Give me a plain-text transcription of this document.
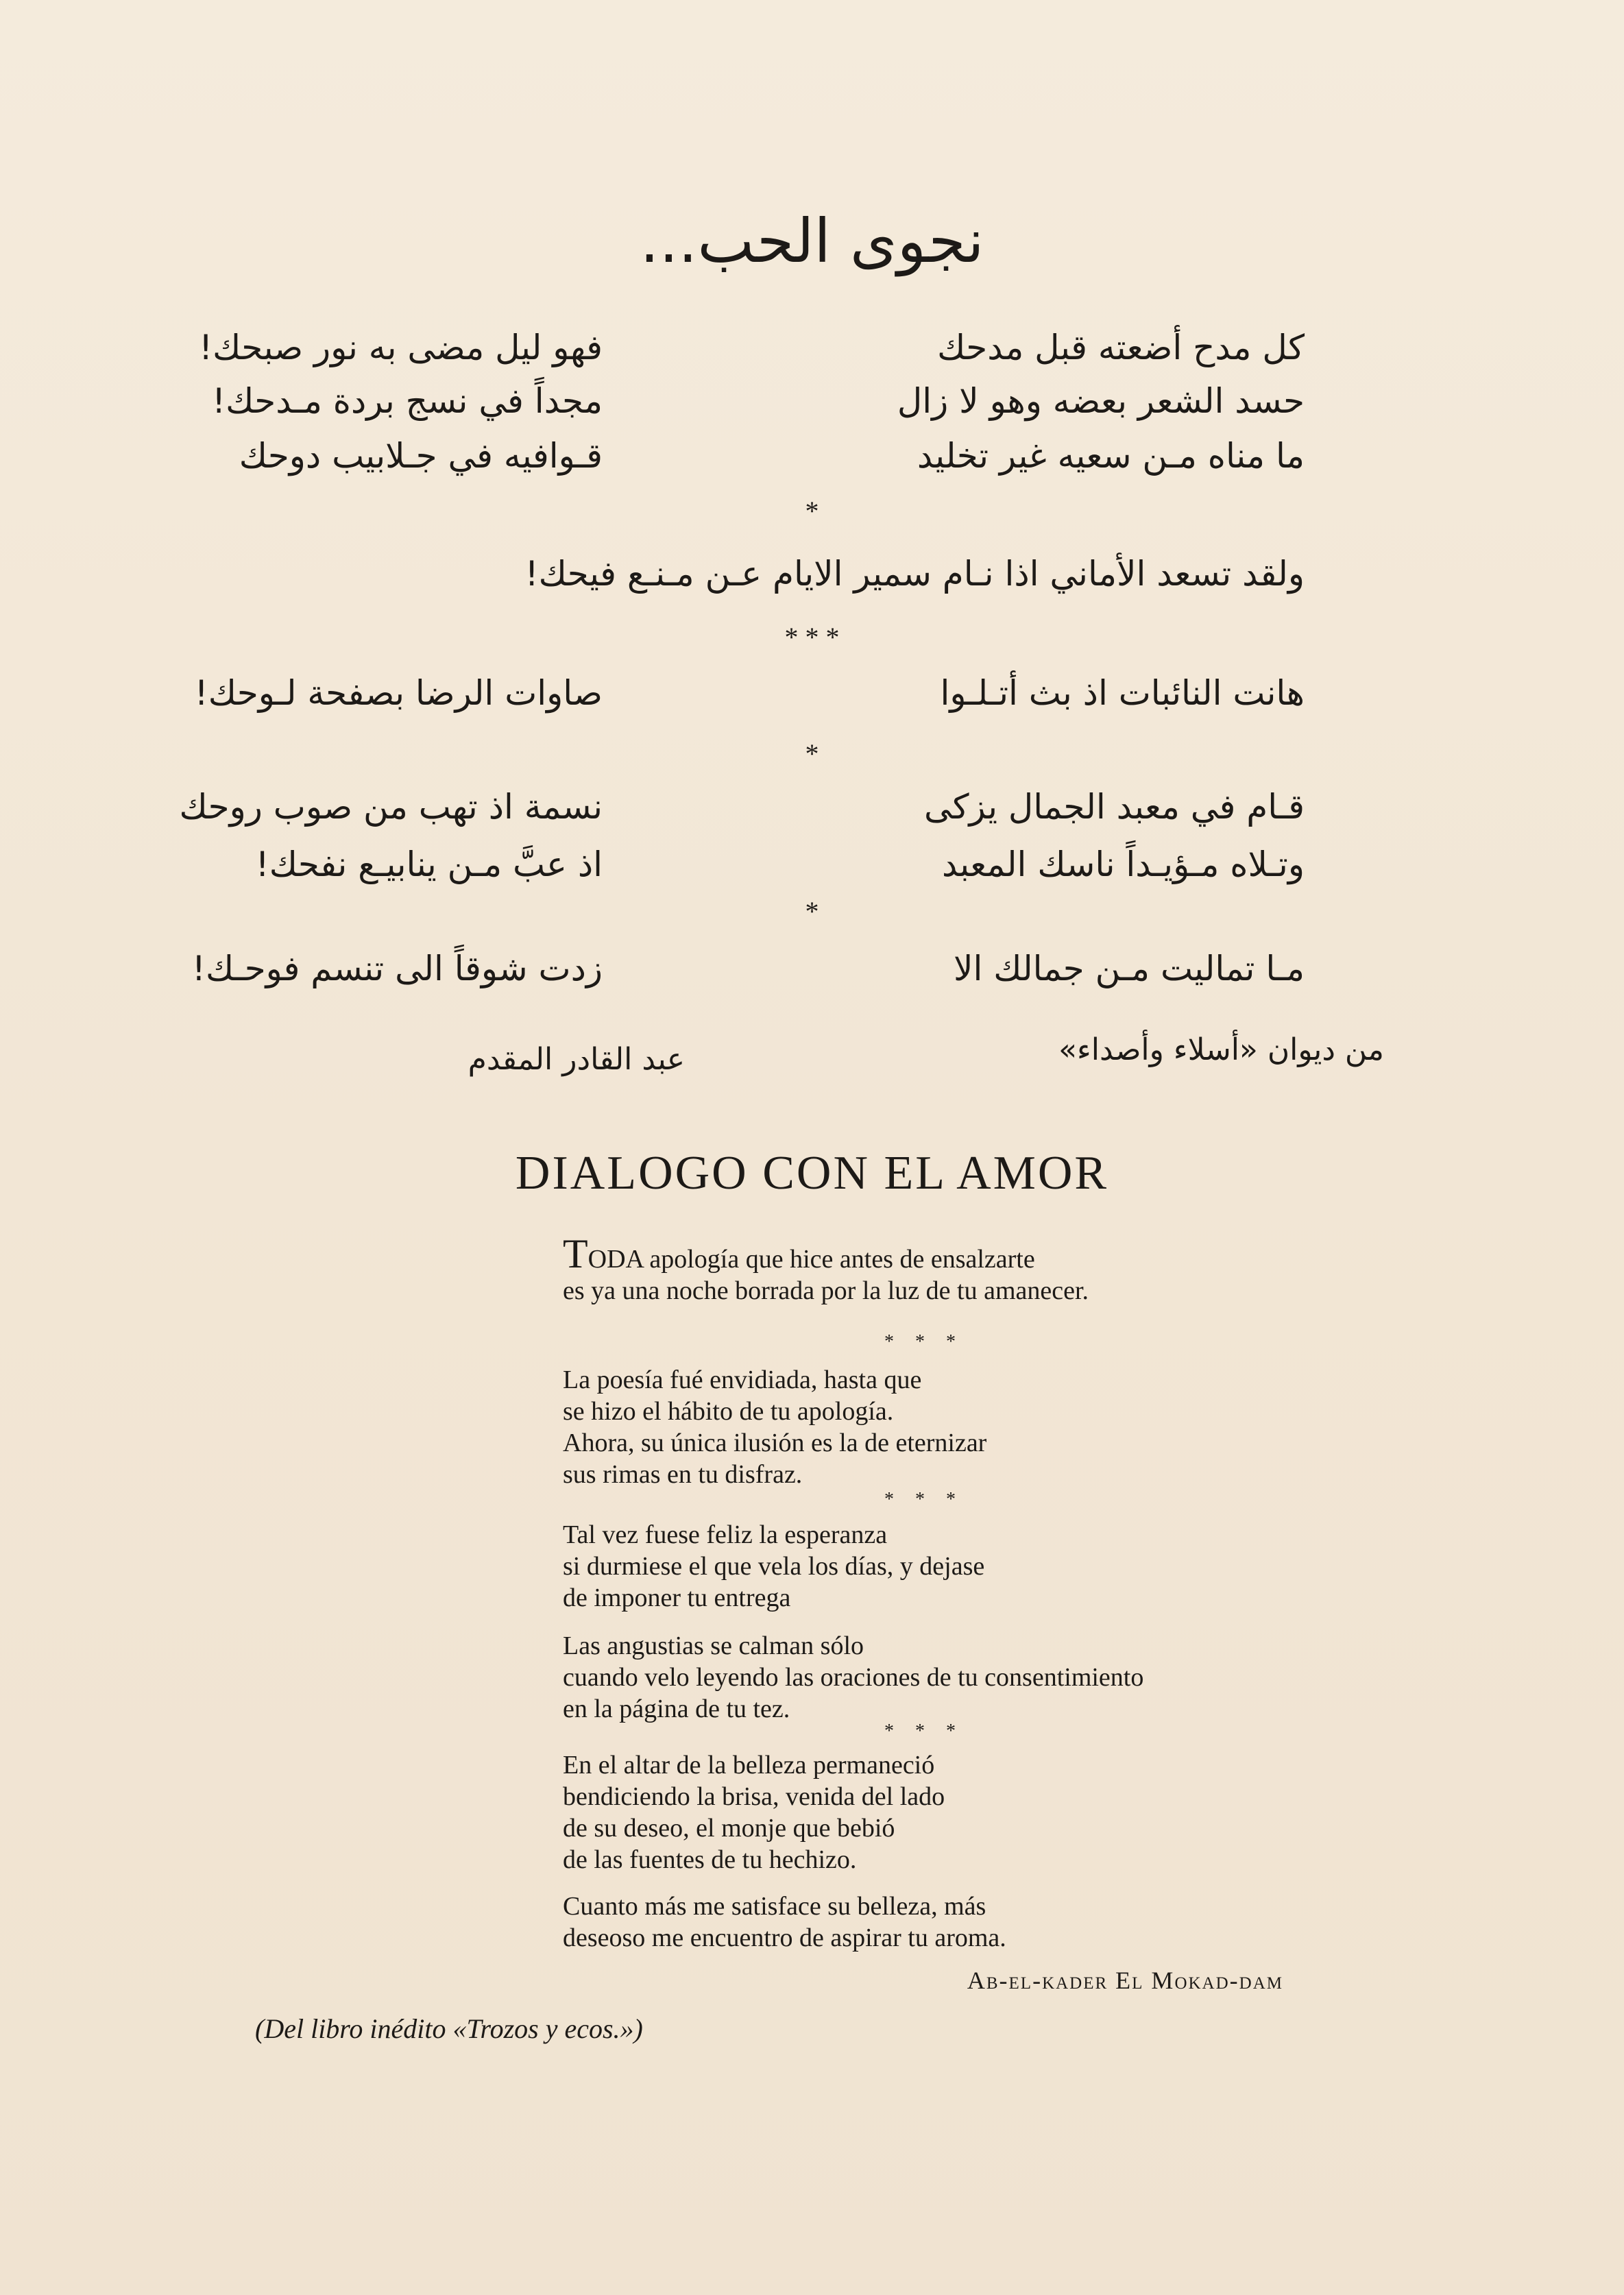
نجوى الحب...
كل مدح أضعته قبل مدحك
فهو ليل مضى به نور صبحك!
حسد الشعر بعضه وهو لا زال
مجداً في نسج بردة مـدحك!
ما مناه مـن سعيه غير تخليد
قـوافيه في جـلابيب دوحك
*
ولقد تسعد الأماني اذا نـام سمير الايام عـن مـنـع فيحك!
* * *
هانت النائبات اذ بث أتـلـوا
صاوات الرضا بصفحة لـوحك!
*
قـام في معبد الجمال يزكى
نسمة اذ تهب من صوب روحك
وتـلاه مـؤيـداً ناسك المعبد
اذ عبَّ مـن ينابيـع نفحك!
*
مـا تماليت مـن جمالك الا
زدت شوقاً الى تنسم فوحـك!
من ديوان «أسلاء وأصداء»
عبد القادر المقدم
DIALOGO CON EL AMOR

TODA apología que hice antes de ensalzarte

es ya una noche borrada por la luz de tu amanecer.

* * *

La poesía fué envidiada, hasta que

se hizo el hábito de tu apología.

Ahora, su única ilusión es la de eternizar

sus rimas en tu disfraz.

* * *

Tal vez fuese feliz la esperanza

si durmiese el que vela los días, y dejase

de imponer tu entrega

Las angustias se calman sólo

cuando velo leyendo las oraciones de tu consentimiento

en la página de tu tez.

* * *

En el altar de la belleza permaneció

bendiciendo la brisa, venida del lado

de su deseo, el monje que bebió

de las fuentes de tu hechizo.

Cuanto más me satisface su belleza, más

deseoso me encuentro de aspirar tu aroma.

Ab-el-kader El Mokad-dam
(Del libro inédito «Trozos y ecos.»)
